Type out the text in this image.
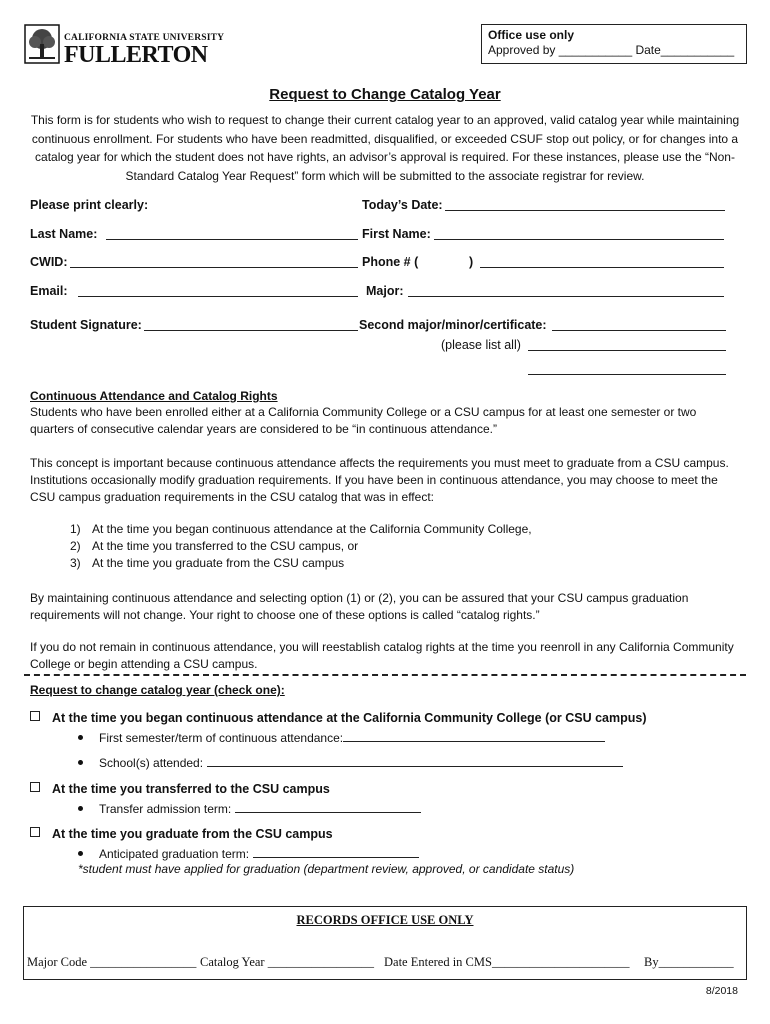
CALIFORNIA STATE UNIVERSITY
FULLERTON
Office use only
Approved by ___________ Date___________
Request to Change Catalog Year
This form is for students who wish to request to change their current catalog year to an approved, valid catalog year while maintaining continuous enrollment. For students who have been readmitted, disqualified, or exceeded CSUF stop out policy, or for changes into a catalog year for which the student does not have rights, an advisor’s approval is required. For these instances, please use the “Non-Standard Catalog Year Request” form which will be submitted to the associate registrar for review.
Please print clearly:	Today’s Date:
Last Name:	First Name:
CWID:	Phone # (	)
Email:	Major:
Student Signature:	Second major/minor/certificate:
(please list all)
Continuous Attendance and Catalog Rights
Students who have been enrolled either at a California Community College or a CSU campus for at least one semester or two quarters of consecutive calendar years are considered to be “in continuous attendance.”
This concept is important because continuous attendance affects the requirements you must meet to graduate from a CSU campus. Institutions occasionally modify graduation requirements. If you have been in continuous attendance, you may choose to meet the CSU campus graduation requirements in the CSU catalog that was in effect:
1) At the time you began continuous attendance at the California Community College,
2) At the time you transferred to the CSU campus, or
3) At the time you graduate from the CSU campus
By maintaining continuous attendance and selecting option (1) or (2), you can be assured that your CSU campus graduation requirements will not change. Your right to choose one of these options is called “catalog rights.”
If you do not remain in continuous attendance, you will reestablish catalog rights at the time you reenroll in any California Community College or begin attending a CSU campus.
Request to change catalog year (check one):
At the time you began continuous attendance at the California Community College (or CSU campus)
First semester/term of continuous attendance:
School(s) attended:
At the time you transferred to the CSU campus
Transfer admission term:
At the time you graduate from the CSU campus
Anticipated graduation term:
*student must have applied for graduation (department review, approved, or candidate status)
RECORDS OFFICE USE ONLY
Major Code _________________ Catalog Year _________________ Date Entered in CMS______________________ By____________
8/2018
